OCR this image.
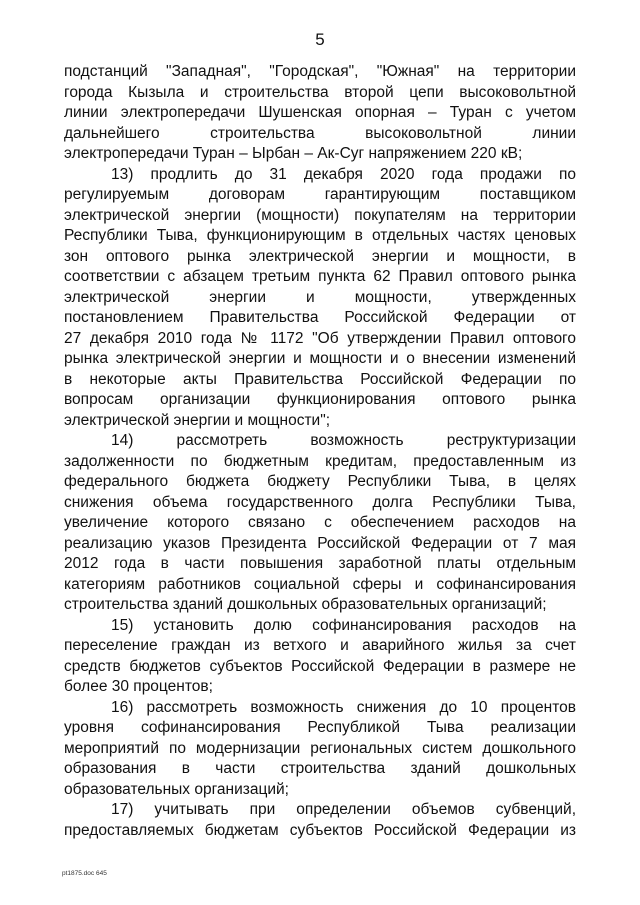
5
подстанций "Западная", "Городская", "Южная" на территории
города Кызыла и строительства второй цепи высоковольтной
линии электропередачи Шушенская опорная – Туран с учетом
дальнейшего строительства высоковольтной линии
электропередачи Туран – Ырбан – Ак-Суг напряжением 220 кВ;
13) продлить до 31 декабря 2020 года продажи по
регулируемым договорам гарантирующим поставщиком
электрической энергии (мощности) покупателям на территории
Республики Тыва, функционирующим в отдельных частях ценовых
зон оптового рынка электрической энергии и мощности, в
соответствии с абзацем третьим пункта 62 Правил оптового рынка
электрической энергии и мощности, утвержденных
постановлением Правительства Российской Федерации от
27 декабря 2010 года № 1172 "Об утверждении Правил оптового
рынка электрической энергии и мощности и о внесении изменений
в некоторые акты Правительства Российской Федерации по
вопросам организации функционирования оптового рынка
электрической энергии и мощности";
14) рассмотреть возможность реструктуризации
задолженности по бюджетным кредитам, предоставленным из
федерального бюджета бюджету Республики Тыва, в целях
снижения объема государственного долга Республики Тыва,
увеличение которого связано с обеспечением расходов на
реализацию указов Президента Российской Федерации от 7 мая
2012 года в части повышения заработной платы отдельным
категориям работников социальной сферы и софинансирования
строительства зданий дошкольных образовательных организаций;
15) установить долю софинансирования расходов на
переселение граждан из ветхого и аварийного жилья за счет
средств бюджетов субъектов Российской Федерации в размере не
более 30 процентов;
16) рассмотреть возможность снижения до 10 процентов
уровня софинансирования Республикой Тыва реализации
мероприятий по модернизации региональных систем дошкольного
образования в части строительства зданий дошкольных
образовательных организаций;
17) учитывать при определении объемов субвенций,
предоставляемых бюджетам субъектов Российской Федерации из
pt1875.doc 645
